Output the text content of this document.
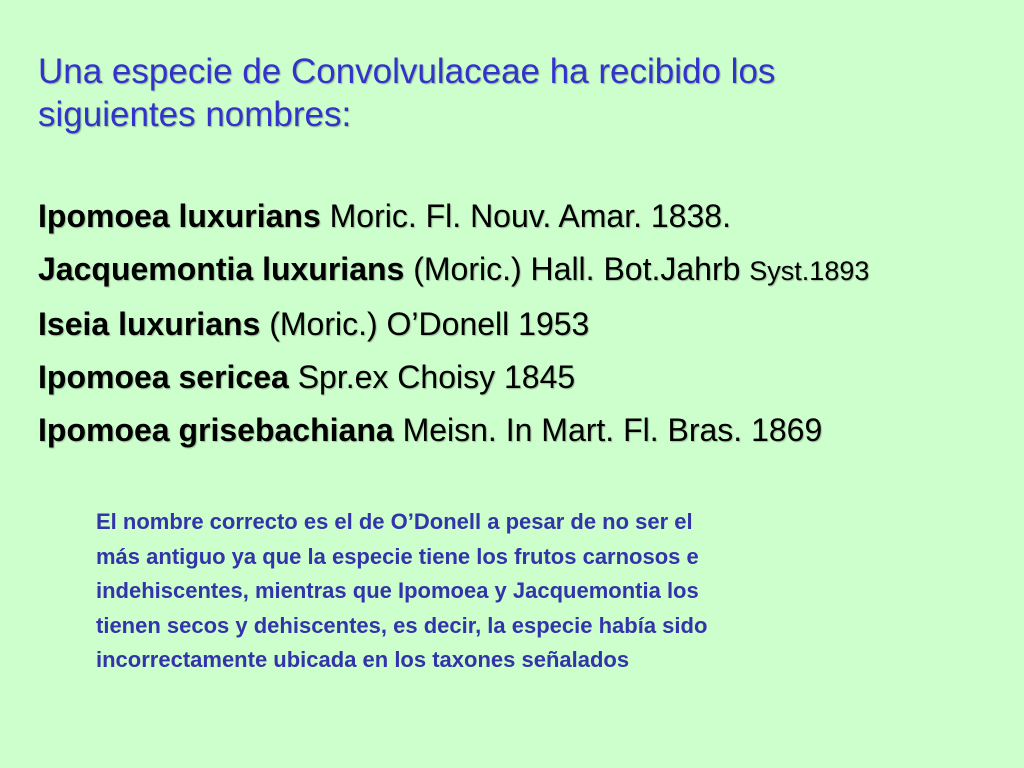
Una especie de Convolvulaceae ha recibido los
siguientes nombres:
Ipomoea luxurians Moric. Fl. Nouv. Amar. 1838.
Jacquemontia luxurians (Moric.) Hall. Bot.Jahrb Syst.1893
Iseia luxurians (Moric.) O’Donell 1953
Ipomoea sericea Spr.ex Choisy 1845
Ipomoea grisebachiana Meisn. In Mart. Fl. Bras. 1869

El nombre correcto es el de O’Donell a pesar de no ser el
más antiguo ya que la especie tiene los frutos carnosos e
indehiscentes, mientras que Ipomoea y Jacquemontia los
tienen secos y dehiscentes, es decir, la especie había sido
incorrectamente ubicada en los taxones señalados
